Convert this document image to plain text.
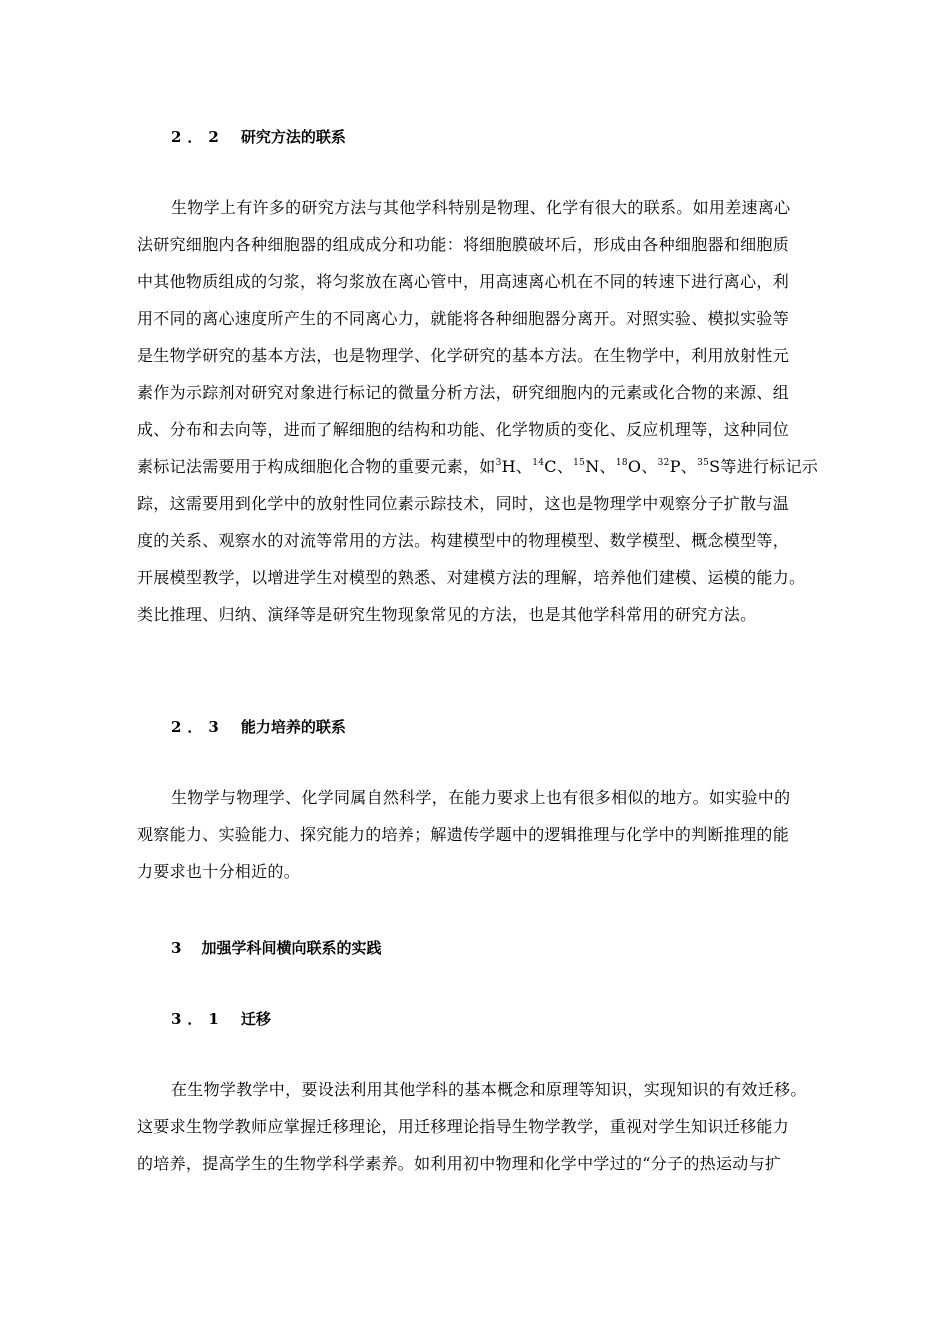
2．2 研究方法的联系
生物学上有许多的研究方法与其他学科特别是物理、化学有很大的联系。如用差速离心
法研究细胞内各种细胞器的组成成分和功能：将细胞膜破坏后，形成由各种细胞器和细胞质
中其他物质组成的匀浆，将匀浆放在离心管中，用高速离心机在不同的转速下进行离心，利
用不同的离心速度所产生的不同离心力，就能将各种细胞器分离开。对照实验、模拟实验等
是生物学研究的基本方法，也是物理学、化学研究的基本方法。在生物学中，利用放射性元
素作为示踪剂对研究对象进行标记的微量分析方法，研究细胞内的元素或化合物的来源、组
成、分布和去向等，进而了解细胞的结构和功能、化学物质的变化、反应机理等，这种同位
素标记法需要用于构成细胞化合物的重要元素，如$^3$H、$^{14}$C、$^{15}$N、$^{18}$O、$^{32}$P、$^{35}$S等进行标记示
踪，这需要用到化学中的放射性同位素示踪技术，同时，这也是物理学中观察分子扩散与温
度的关系、观察水的对流等常用的方法。构建模型中的物理模型、数学模型、概念模型等，
开展模型教学，以增进学生对模型的熟悉、对建模方法的理解，培养他们建模、运模的能力。
类比推理、归纳、演绎等是研究生物现象常见的方法，也是其他学科常用的研究方法。
2．3 能力培养的联系
生物学与物理学、化学同属自然科学，在能力要求上也有很多相似的地方。如实验中的
观察能力、实验能力、探究能力的培养；解遗传学题中的逻辑推理与化学中的判断推理的能
力要求也十分相近的。
3 加强学科间横向联系的实践
3．1 迁移
在生物学教学中，要设法利用其他学科的基本概念和原理等知识，实现知识的有效迁移。
这要求生物学教师应掌握迁移理论，用迁移理论指导生物学教学，重视对学生知识迁移能力
的培养，提高学生的生物学科学素养。如利用初中物理和化学中学过的“分子的热运动与扩
